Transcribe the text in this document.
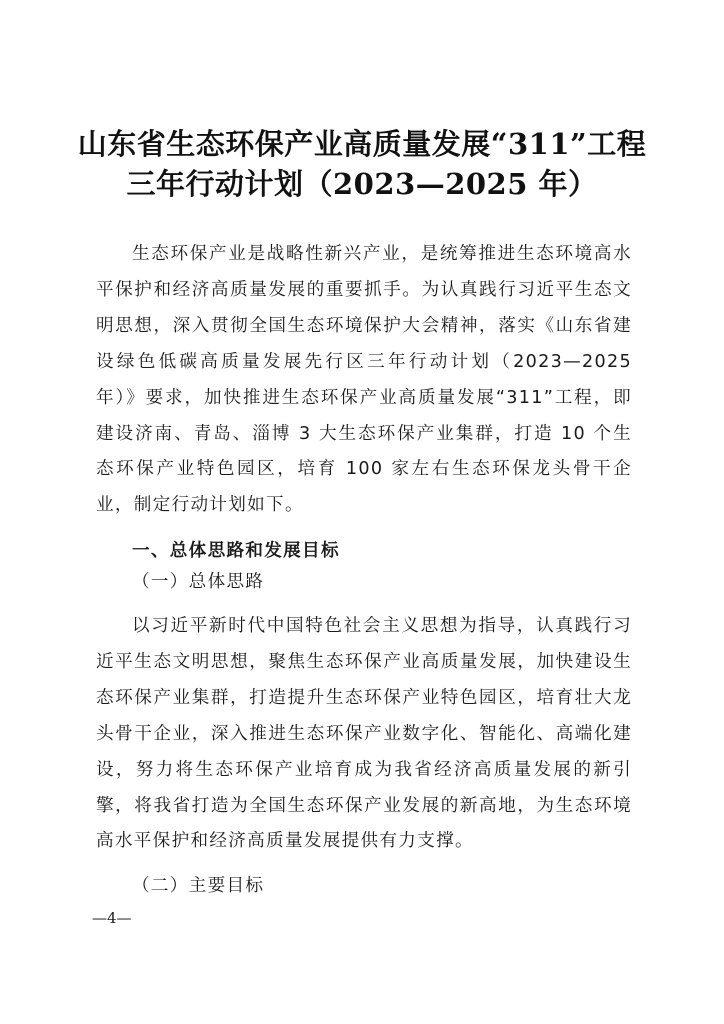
山东省生态环保产业高质量发展“311”工程
三年行动计划（2023—2025 年）
生态环保产业是战略性新兴产业，是统筹推进生态环境高水平保护和经济高质量发展的重要抓手。为认真践行习近平生态文明思想，深入贯彻全国生态环境保护大会精神，落实《山东省建设绿色低碳高质量发展先行区三年行动计划（2023—2025 年）》要求，加快推进生态环保产业高质量发展“311”工程，即建设济南、青岛、淄博 3 大生态环保产业集群，打造 10 个生态环保产业特色园区，培育 100 家左右生态环保龙头骨干企业，制定行动计划如下。
一、总体思路和发展目标
（一）总体思路
以习近平新时代中国特色社会主义思想为指导，认真践行习近平生态文明思想，聚焦生态环保产业高质量发展，加快建设生态环保产业集群，打造提升生态环保产业特色园区，培育壮大龙头骨干企业，深入推进生态环保产业数字化、智能化、高端化建设，努力将生态环保产业培育成为我省经济高质量发展的新引擎，将我省打造为全国生态环保产业发展的新高地，为生态环境高水平保护和经济高质量发展提供有力支撑。
（二）主要目标
—4—
